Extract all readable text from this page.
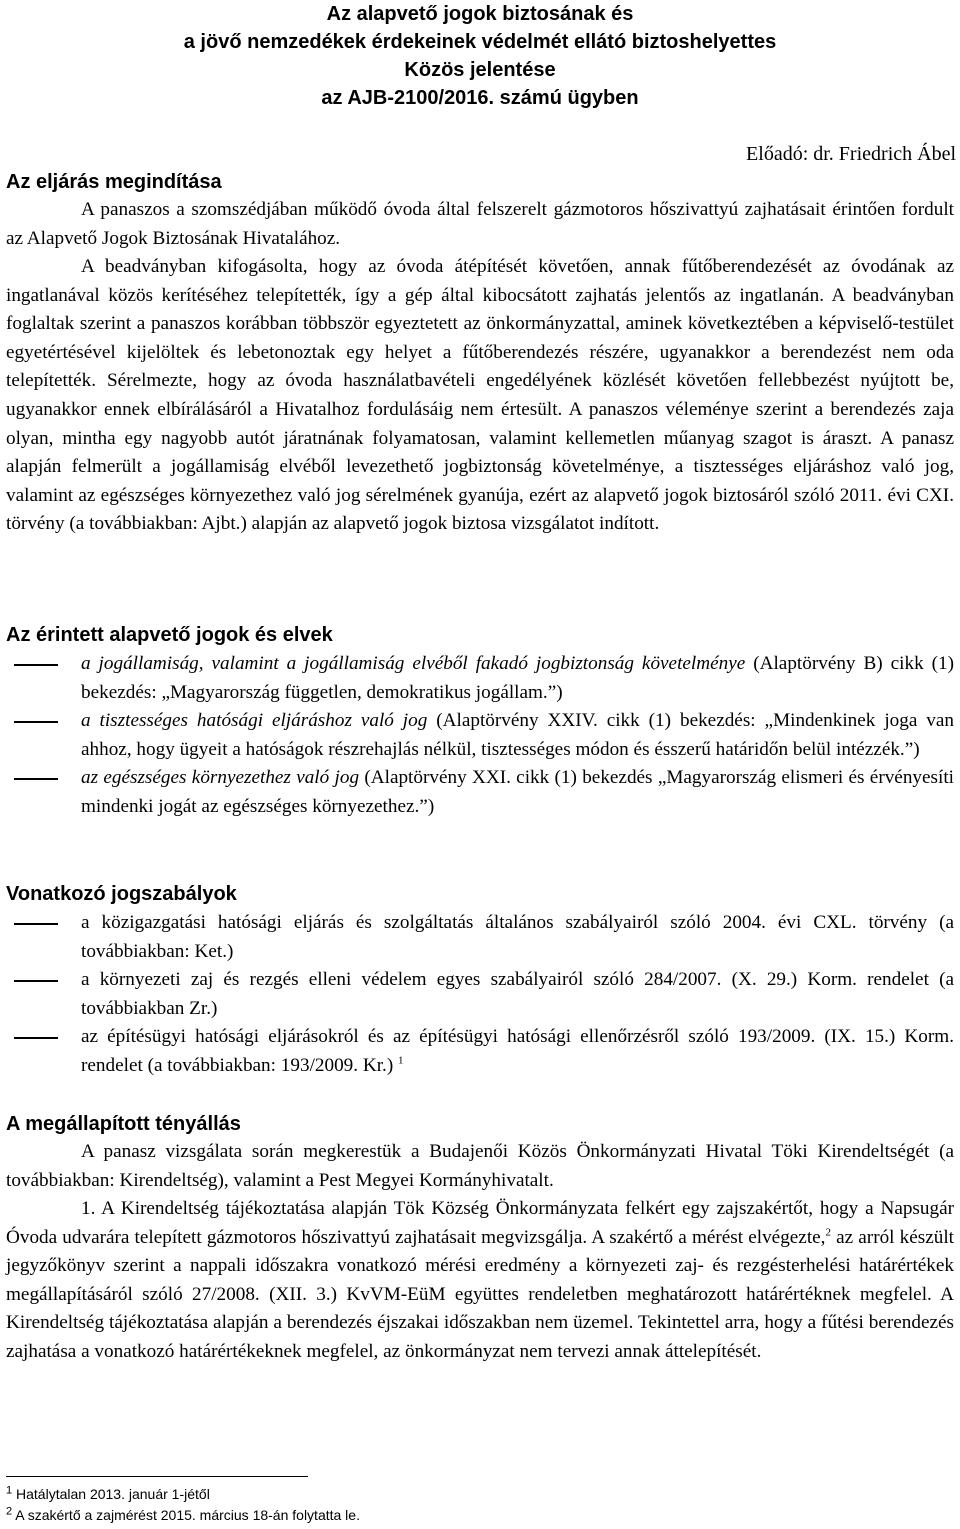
Az alapvető jogok biztosának és
a jövő nemzedékek érdekeinek védelmét ellátó biztoshelyettes
Közös jelentése
az AJB-2100/2016. számú ügyben
Előadó: dr. Friedrich Ábel
Az eljárás megindítása

A panaszos a szomszédjában működő óvoda által felszerelt gázmotoros hőszivattyú zajhatásait érintően fordult az Alapvető Jogok Biztosának Hivatalához.

A beadványban kifogásolta, hogy az óvoda átépítését követően, annak fűtőberendezését az óvodának az ingatlanával közös kerítéséhez telepítették, így a gép által kibocsátott zajhatás jelentős az ingatlanán. A beadványban foglaltak szerint a panaszos korábban többször egyeztetett az önkormányzattal, aminek következtében a képviselő-testület egyetértésével kijelöltek és lebetonoztak egy helyet a fűtőberendezés részére, ugyanakkor a berendezést nem oda telepítették. Sérelmezte, hogy az óvoda használatbavételi engedélyének közlését követően fellebbezést nyújtott be, ugyanakkor ennek elbírálásáról a Hivatalhoz fordulásáig nem értesült. A panaszos véleménye szerint a berendezés zaja olyan, mintha egy nagyobb autót járatnának folyamatosan, valamint kellemetlen műanyag szagot is áraszt. A panasz alapján felmerült a jogállamiság elvéből levezethető jogbiztonság követelménye, a tisztességes eljáráshoz való jog, valamint az egészséges környezethez való jog sérelmének gyanúja, ezért az alapvető jogok biztosáról szóló 2011. évi CXI. törvény (a továbbiakban: Ajbt.) alapján az alapvető jogok biztosa vizsgálatot indított.

Az érintett alapvető jogok és elvek
a jogállamiság, valamint a jogállamiság elvéből fakadó jogbiztonság követelménye (Alaptörvény B) cikk (1) bekezdés: „Magyarország független, demokratikus jogállam.”)
a tisztességes hatósági eljáráshoz való jog (Alaptörvény XXIV. cikk (1) bekezdés: „Mindenkinek joga van ahhoz, hogy ügyeit a hatóságok részrehajlás nélkül, tisztességes módon és ésszerű határidőn belül intézzék.”)
az egészséges környezethez való jog (Alaptörvény XXI. cikk (1) bekezdés „Magyarország elismeri és érvényesíti mindenki jogát az egészséges környezethez.”)
Vonatkozó jogszabályok
a közigazgatási hatósági eljárás és szolgáltatás általános szabályairól szóló 2004. évi CXL. törvény (a továbbiakban: Ket.)
a környezeti zaj és rezgés elleni védelem egyes szabályairól szóló 284/2007. (X. 29.) Korm. rendelet (a továbbiakban Zr.)
az építésügyi hatósági eljárásokról és az építésügyi hatósági ellenőrzésről szóló 193/2009. (IX. 15.) Korm. rendelet (a továbbiakban: 193/2009. Kr.) $^1$
A megállapított tényállás

A panasz vizsgálata során megkerestük a Budajenői Közös Önkormányzati Hivatal Töki Kirendeltségét (a továbbiakban: Kirendeltség), valamint a Pest Megyei Kormányhivatalt.

1. A Kirendeltség tájékoztatása alapján Tök Község Önkormányzata felkért egy zajszakértőt, hogy a Napsugár Óvoda udvarára telepített gázmotoros hőszivattyú zajhatásait megvizsgálja. A szakértő a mérést elvégezte,$^2$ az arról készült jegyzőkönyv szerint a nappali időszakra vonatkozó mérési eredmény a környezeti zaj- és rezgésterhelési határértékek megállapításáról szóló 27/2008. (XII. 3.) KvVM-EüM együttes rendeletben meghatározott határértéknek megfelel. A Kirendeltség tájékoztatása alapján a berendezés éjszakai időszakban nem üzemel. Tekintettel arra, hogy a fűtési berendezés zajhatása a vonatkozó határértékeknek megfelel, az önkormányzat nem tervezi annak áttelepítését.

$^1$ Hatálytalan 2013. január 1-jétől
$^2$ A szakértő a zajmérést 2015. március 18-án folytatta le.
